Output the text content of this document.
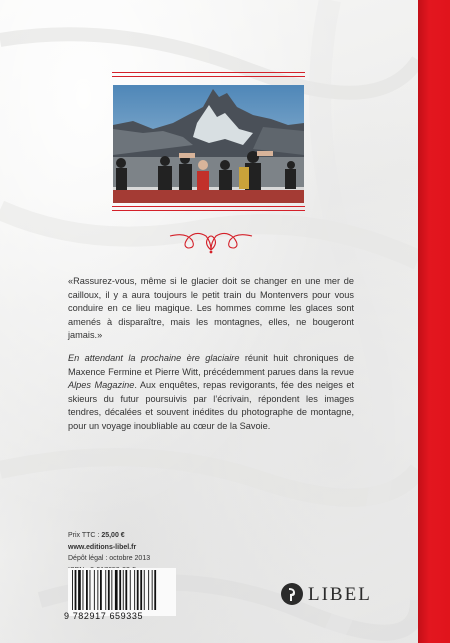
«Rassurez-vous, même si le glacier doit se changer en une mer de cailloux, il y a aura toujours le petit train du Montenvers pour vous conduire en ce lieu magique. Les hommes comme les glaces sont amenés à disparaître, mais les montagnes, elles, ne bougeront jamais.»

En attendant la prochaine ère glaciaire réunit huit chroniques de Maxence Fermine et Pierre Witt, précédemment parues dans la revue Alpes Magazine. Aux enquêtes, repas revigorants, fée des neiges et skieurs du futur poursuivis par l’écrivain, répondent les images tendres, décalées et souvent inédites du photographe de montagne, pour un voyage inoubliable au cœur de la Savoie.

Prix TTC : 25,00 €
www.editions-libel.fr
Dépôt légal : octobre 2013
9 782917 659335
LIBEL
